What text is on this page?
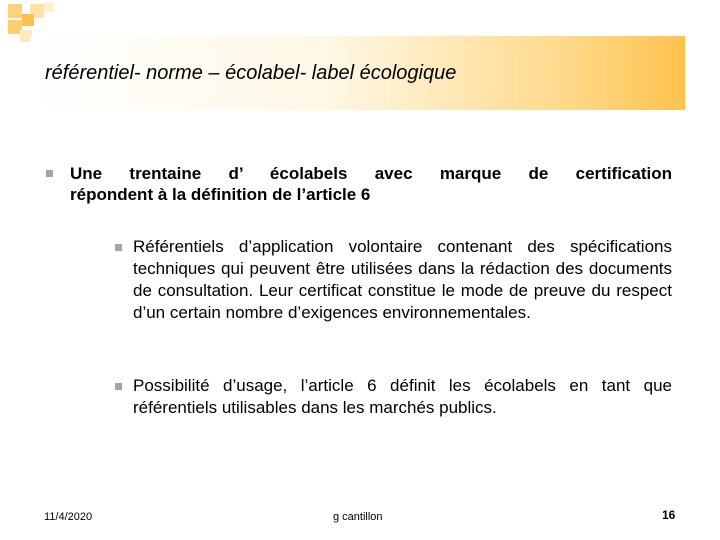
référentiel- norme – écolabel- label écologique
Une trentaine d’ écolabels avec marque de certification
répondent à la définition de l’article 6
Référentiels d’application volontaire contenant des spécifications techniques qui peuvent être utilisées dans la rédaction des documents de consultation. Leur certificat constitue le mode de preuve du respect d’un certain nombre d’exigences environnementales.
Possibilité d’usage, l’article 6 définit les écolabels en tant que référentiels utilisables dans les marchés publics.
11/4/2020	g cantillon	16
